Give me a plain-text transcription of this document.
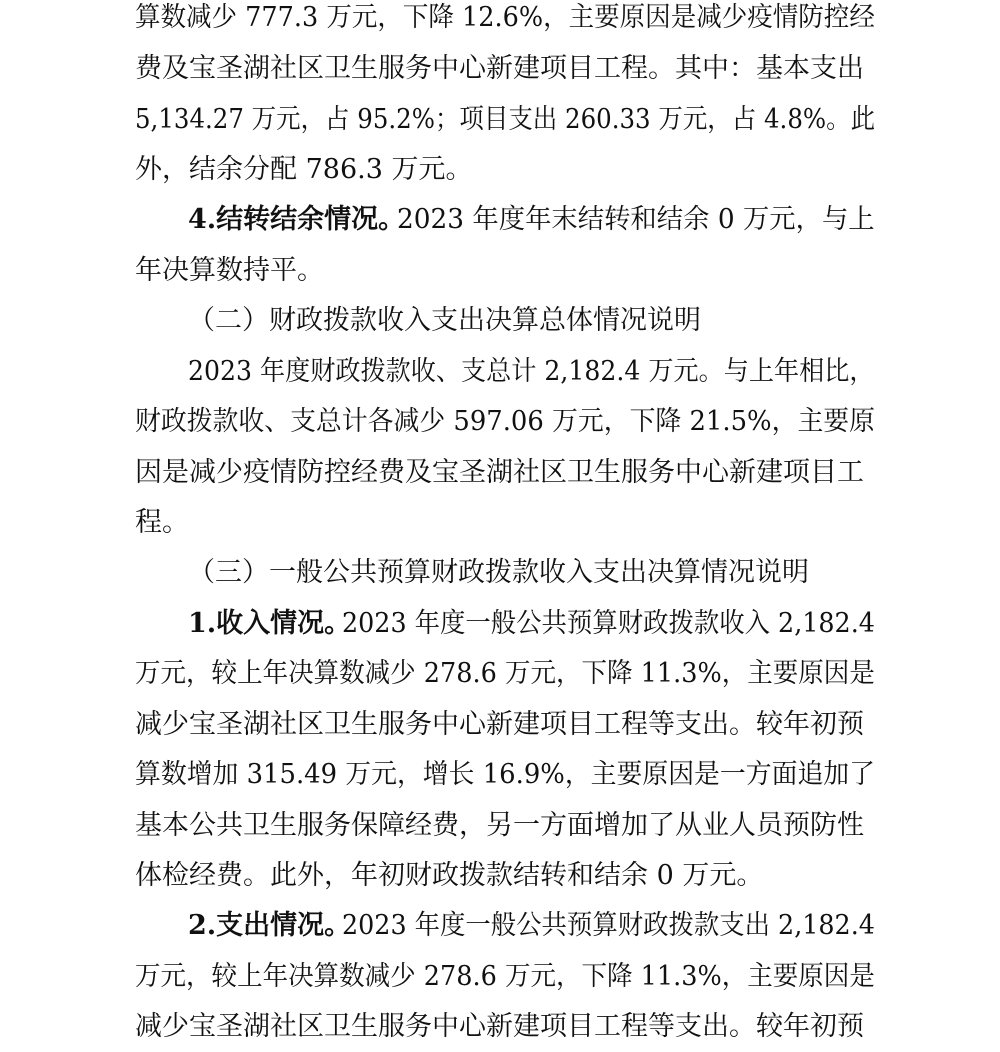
算数减少 777.3 万元，下降 12.6%，主要原因是减少疫情防控经
费及宝圣湖社区卫生服务中心新建项目工程。其中：基本支出
5,134.27 万元，占 95.2%；项目支出 260.33 万元，占 4.8%。此
外，结余分配 786.3 万元。
4.结转结余情况。
2023 年度年末结转和结余 0 万元，与上
年决算数持平。
（二）财政拨款收入支出决算总体情况说明
2023 年度财政拨款收、支总计 2,182.4 万元。与上年相比，
财政拨款收、支总计各减少 597.06 万元，下降 21.5%，主要原
因是减少疫情防控经费及宝圣湖社区卫生服务中心新建项目工
程。
（三）一般公共预算财政拨款收入支出决算情况说明
1.收入情况。
2023 年度一般公共预算财政拨款收入 2,182.4
万元，较上年决算数减少 278.6 万元，下降 11.3%，主要原因是
减少宝圣湖社区卫生服务中心新建项目工程等支出。较年初预
算数增加 315.49 万元，增长 16.9%，主要原因是一方面追加了
基本公共卫生服务保障经费，另一方面增加了从业人员预防性
体检经费。此外，年初财政拨款结转和结余 0 万元。
2.支出情况。
2023 年度一般公共预算财政拨款支出 2,182.4
万元，较上年决算数减少 278.6 万元，下降 11.3%，主要原因是
减少宝圣湖社区卫生服务中心新建项目工程等支出。较年初预
